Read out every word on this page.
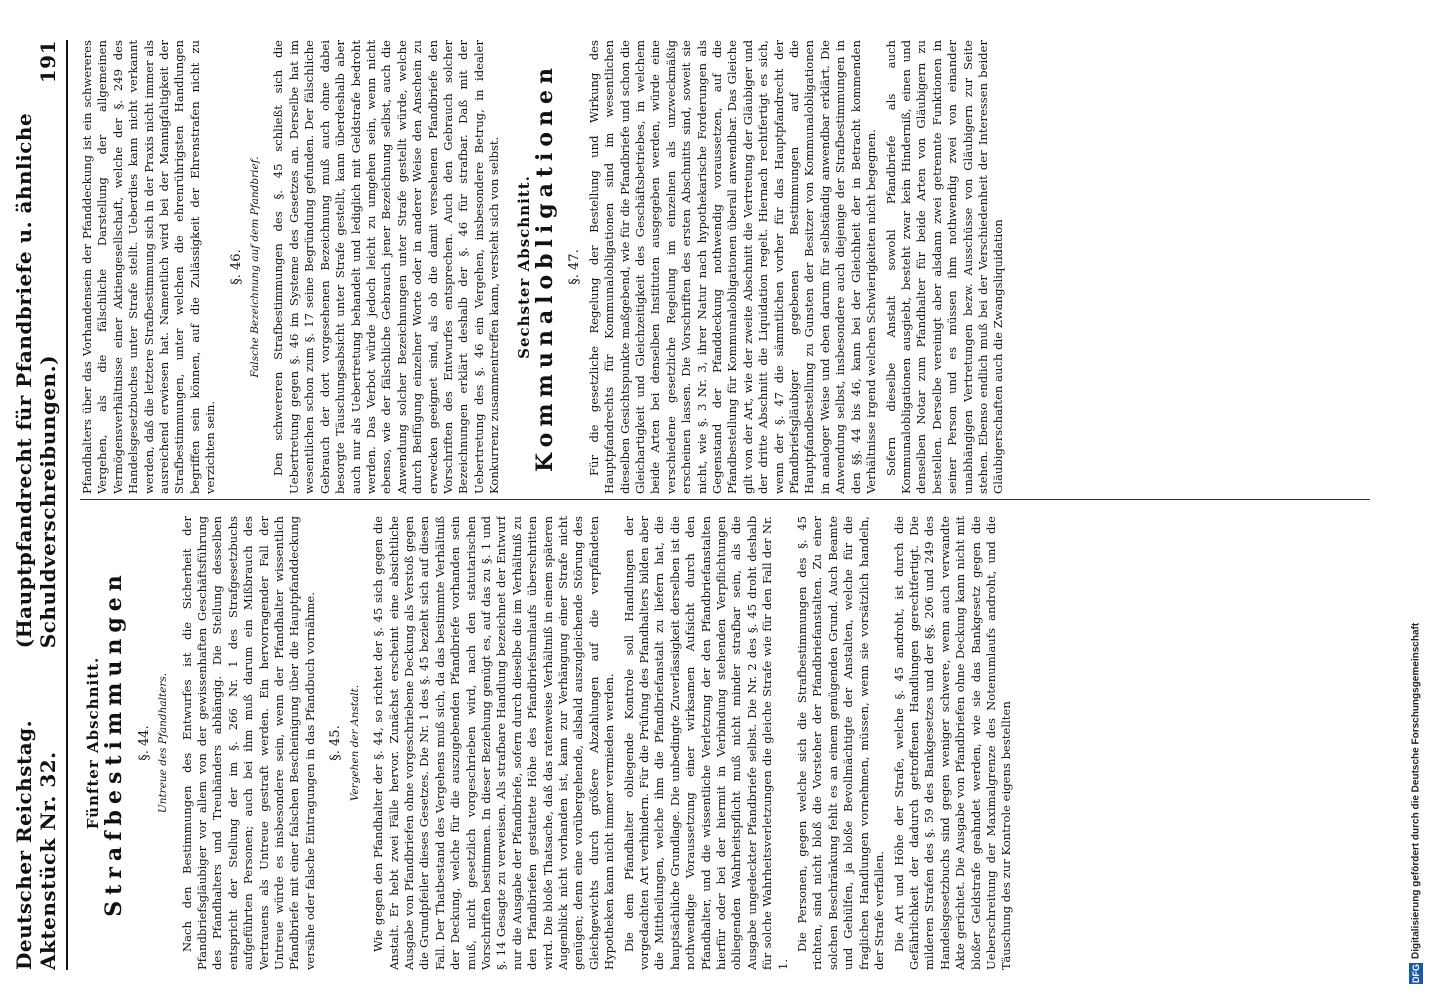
Deutscher Reichstag. Aktenstück Nr. 32.
(Hauptpfandrecht für Pfandbriefe u. ähnliche Schuldverschreibungen.)
191
Fünfter Abschnitt. Strafbestimmungen §. 44. Untreue des Pfandhalters. Nach den Bestimmungen des Entwurfes ist die Sicherheit der Pfandbriefsgläubiger vor allem von der gewissenhaften Geschäftsführung des Pfandhalters und Treuhänders abhängig. Die Stellung desselben entspricht der Stellung der im §. 266 Nr. 1 des Strafgesetzbuchs aufgeführten Personen; auch bei ihm muß darum ein Mißbrauch des Vertrauens als Untreue gestraft werden. Ein hervorragender Fall der Untreue würde es insbesondere sein, wenn der Pfandhalter wissentlich Pfandbriefe mit einer falschen Bescheinigung über die Hauptpfanddeckung versähe oder falsche Eintragungen in das Pfandbuch vornähme. §. 45. Vergehen der Anstalt. Wie gegen den Pfandhalter der §. 44, so richtet der §. 45 sich gegen die Anstalt. Er hebt zwei Fälle hervor. Zunächst erscheint eine absichtliche Ausgabe von Pfandbriefen ohne vorgeschriebene Deckung als Verstoß gegen die Grundpfeiler dieses Gesetzes. Die Nr. 1 des §. 45 bezieht sich auf diesen Fall. Der Thatbestand des Vergehens muß sich, da das bestimmte Verhältniß der Deckung, welche für die auszugebenden Pfandbriefe vorhanden sein muß, nicht gesetzlich vorgeschrieben wird, nach den statutarischen Vorschriften bestimmen. In dieser Beziehung genügt es, auf das zu §. 1 und §. 14 Gesagte zu verweisen. Als strafbare Handlung bezeichnet der Entwurf nur die Ausgabe der Pfandbriefe, sofern durch dieselbe die im Verhältniß zu den Pfandbriefen gestattete Höhe des Pfandbriefsumlaufs überschritten wird. Die bloße Thatsache, daß das ratenweise Verhältniß in einem späteren Augenblick nicht vorhanden ist, kann zur Verhängung einer Strafe nicht genügen; denn eine vorübergehende, alsbald auszugleichende Störung des Gleichgewichts durch größere Abzahlungen auf die verpfändeten Hypotheken kann nicht immer vermieden werden. Die dem Pfandhalter obliegende Kontrole soll Handlungen der vorgedachten Art verhindern. Für die Prüfung des Pfandhalters bilden aber die Mittheilungen, welche ihm die Pfandbriefanstalt zu liefern hat, die hauptsächliche Grundlage. Die unbedingte Zuverlässigkeit derselben ist die nothwendige Voraussetzung einer wirksamen Aufsicht durch den Pfandhalter, und die wissentliche Verletzung der den Pfandbriefanstalten hierfür oder bei der hiermit in Verbindung stehenden Verpflichtungen obliegenden Wahrheitspflicht muß nicht minder strafbar sein, als die Ausgabe ungedeckter Pfandbriefe selbst. Die Nr. 2 des §. 45 droht deshalb für solche Wahrheitsverletzungen die gleiche Strafe wie für den Fall der Nr. 1.

Die Personen, gegen welche sich die Strafbestimmungen des §. 45 richten, sind nicht bloß die Vorsteher der Pfandbriefanstalten. Zu einer solchen Beschränkung fehlt es an einem genügenden Grund. Auch Beamte und Gehülfen, ja bloße Bevollmächtigte der Anstalten, welche für die fraglichen Handlungen vornehmen, müssen, wenn sie vorsätzlich handeln, der Strafe verfallen. Die Art und Höhe der Strafe, welche §. 45 androht, ist durch die Gefährlichkeit der dadurch getroffenen Handlungen gerechtfertigt. Die milderen Strafen des §. 59 des Bankgesetzes und der §§. 206 und 249 des Handelsgesetzbuchs sind gegen weniger schwere, wenn auch verwandte Akte gerichtet. Die Ausgabe von Pfandbriefen ohne Deckung kann nicht mit bloßer Geldstrafe geahndet werden, wie sie das Bankgesetz gegen die Ueberschreitung der Maximalgrenze des Notenumlaufs androht, und die Täuschung des zur Kontrole eigens bestellten

Pfandhalters über das Vorhandensein der Pfanddeckung ist ein schwereres Vergehen, als die fälschliche Darstellung der allgemeinen Vermögensverhältnisse einer Aktiengesellschaft, welche der §. 249 des Handelsgesetzbuches unter Strafe stellt. Ueberdies kann nicht verkannt werden, daß die letztere Strafbestimmung sich in der Praxis nicht immer als ausreichend erwiesen hat. Namentlich wird bei der Mannigfaltigkeit der Strafbestimmungen, unter welchen die ehrenrührigsten Handlungen begriffen sein können, auf die Zulässigkeit der Ehrenstrafen nicht zu verzichten sein.

§. 46. Falsche Bezeichnung auf dem Pfandbrief. Den schwereren Strafbestimmungen des §. 45 schließt sich die Uebertretung gegen §. 46 im Systeme des Gesetzes an. Derselbe hat im wesentlichen schon zum §. 17 seine Begründung gefunden. Der fälschliche Gebrauch der dort vorgesehenen Bezeichnung muß auch ohne dabei besorgte Täuschungsabsicht unter Strafe gestellt, kann überdeshalb aber auch nur als Uebertretung behandelt und lediglich mit Geldstrafe bedroht werden. Das Verbot würde jedoch leicht zu umgehen sein, wenn nicht ebenso, wie der fälschliche Gebrauch jener Bezeichnung selbst, auch die Anwendung solcher Bezeichnungen unter Strafe gestellt würde, welche durch Beifügung einzelner Worte oder in anderer Weise den Anschein zu erwecken geeignet sind, als ob die damit versehenen Pfandbriefe den Vorschriften des Entwurfes entsprechen. Auch den Gebrauch solcher Bezeichnungen erklärt deshalb der §. 46 für strafbar. Daß mit der Uebertretung des §. 46 ein Vergehen, insbesondere Betrug, in idealer Konkurrenz zusammentreffen kann, versteht sich von selbst. Sechster Abschnitt. Kommunalobligationen §. 47. Für die gesetzliche Regelung der Bestellung und Wirkung des Hauptpfandrechts für Kommunalobligationen sind im wesentlichen dieselben Gesichtspunkte maßgebend, wie für die Pfandbriefe und schon die Gleichartigkeit und Gleichzeitigkeit des Geschäftsbetriebes, in welchem beide Arten bei denselben Instituten ausgegeben werden, würde eine verschiedene gesetzliche Regelung im einzelnen als unzweckmäßig erscheinen lassen. Die Vorschriften des ersten Abschnitts sind, soweit sie nicht, wie §. 3 Nr. 3, ihrer Natur nach hypothekarische Forderungen als Gegenstand der Pfanddeckung nothwendig voraussetzen, auf die Pfandbestellung für Kommunalobligationen überall anwendbar. Das Gleiche gilt von der Art, wie der zweite Abschnitt die Vertretung der Gläubiger und der dritte Abschnitt die Liquidation regelt. Hiernach rechtfertigt es sich, wenn der §. 47 die sämmtlichen vorher für das Hauptpfandrecht der Pfandbriefsgläubiger gegebenen Bestimmungen auf die Hauptpfandbestellung zu Gunsten der Besitzer von Kommunalobligationen in analoger Weise und eben darum für selbständig anwendbar erklärt. Die Anwendung selbst, insbesondere auch diejenige der Strafbestimmungen in den §§. 44 bis 46, kann bei der Gleichheit der in Betracht kommenden Verhältnisse irgend welchen Schwierigkeiten nicht begegnen. Sofern dieselbe Anstalt sowohl Pfandbriefe als auch Kommunalobligationen ausgiebt, besteht zwar kein Hinderniß, einen und denselben Notar zum Pfandhalter für beide Arten von Gläubigern zu bestellen. Derselbe vereinigt aber alsdann zwei getrennte Funktionen in seiner Person und es müssen ihm nothwendig zwei von einander unabhängigen Vertretungen bezw. Ausschüsse von Gläubigern zur Seite stehen. Ebenso endlich muß bei der Verschiedenheit der Interessen beider Gläubigerschaften auch die Zwangsliquidation

DFG
Digitalisierung gefördert durch die Deutsche Forschungsgemeinschaft
